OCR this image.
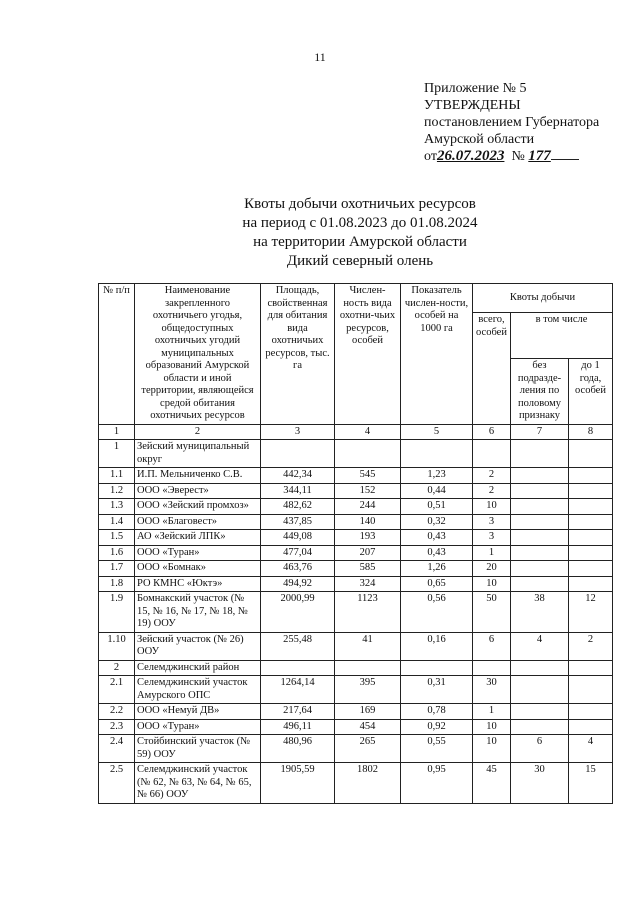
11
Приложение № 5
УТВЕРЖДЕНЫ
постановлением Губернатора
Амурской области
от26.07.2023 № 177
Квоты добычи охотничьих ресурсов
на период с 01.08.2023 до 01.08.2024
на территории Амурской области
Дикий северный олень
№ п/п	Наименование закрепленного охотничьего угодья, общедоступных охотничьих угодий муниципальных образований Амурской области и иной территории, являющейся средой обитания охотничьих ресурсов	Площадь, свойственная для обитания вида охотничьих ресурсов, тыс. га	Числен-ность вида охотни-чьих ресурсов, особей	Показатель числен-ности, особей на 1000 га	Квоты добычи		
					всего, особей	в том числе	
						без подразде-ления по половому признаку	до 1 года, особей
1	2	3	4	5	6	7	8
1	Зейский муниципальный округ						
1.1	И.П. Мельниченко С.В.	442,34	545	1,23	2		
1.2	ООО «Эверест»	344,11	152	0,44	2		
1.3	ООО «Зейский промхоз»	482,62	244	0,51	10		
1.4	ООО «Благовест»	437,85	140	0,32	3		
1.5	АО «Зейский ЛПК»	449,08	193	0,43	3		
1.6	ООО «Туран»	477,04	207	0,43	1		
1.7	ООО «Бомнак»	463,76	585	1,26	20		
1.8	РО КМНС «Юктэ»	494,92	324	0,65	10		
1.9	Бомнакский участок (№ 15, № 16, № 17, № 18, № 19) ООУ	2000,99	1123	0,56	50	38	12
1.10	Зейский участок (№ 26) ООУ	255,48	41	0,16	6	4	2
2	Селемджинский район						
2.1	Селемджинский участок Амурского ОПС	1264,14	395	0,31	30		
2.2	ООО «Немуй ДВ»	217,64	169	0,78	1		
2.3	ООО «Туран»	496,11	454	0,92	10		
2.4	Стойбинский участок (№ 59) ООУ	480,96	265	0,55	10	6	4
2.5	Селемджинский участок (№ 62, № 63, № 64, № 65, № 66) ООУ	1905,59	1802	0,95	45	30	15
